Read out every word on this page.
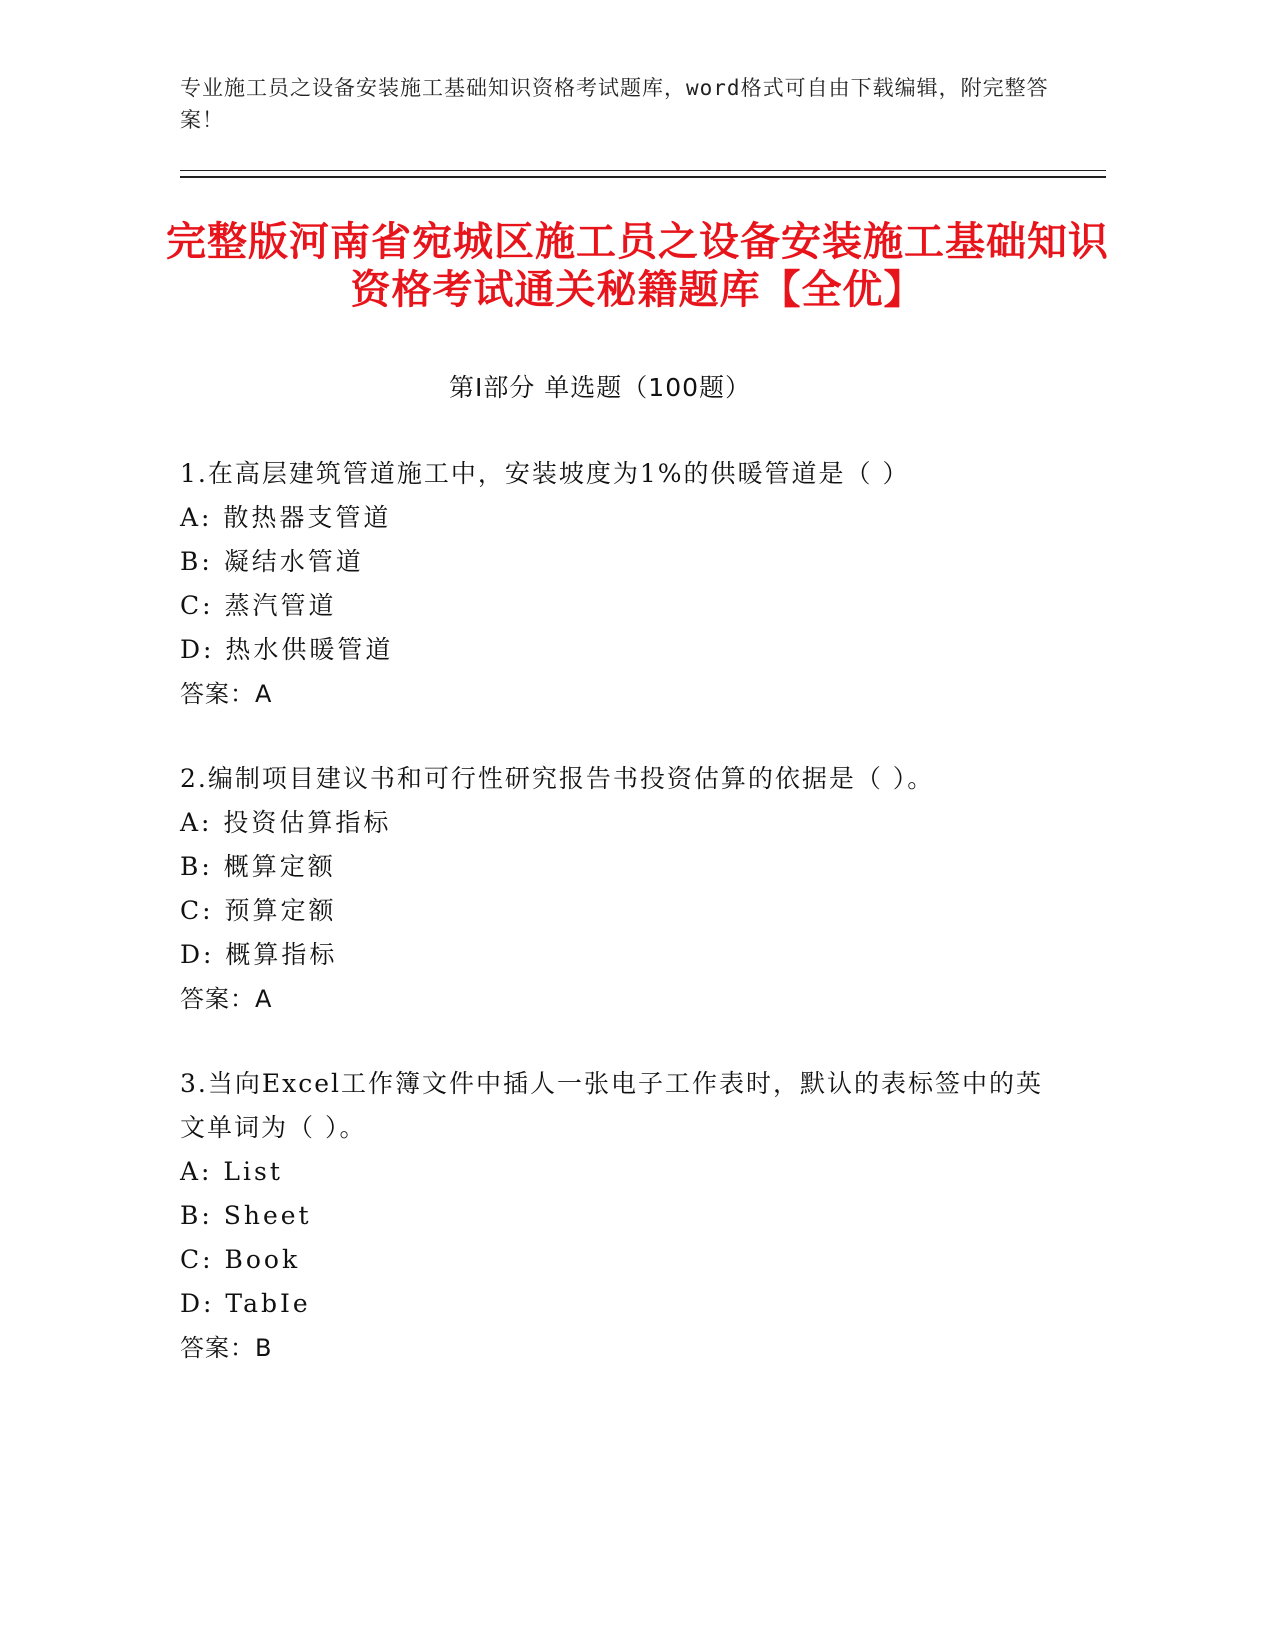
专业施工员之设备安装施工基础知识资格考试题库，word格式可自由下载编辑，附完整答案！
完整版河南省宛城区施工员之设备安装施工基础知识资格考试通关秘籍题库【全优】
第I部分 单选题（100题）

1.在高层建筑管道施工中，安装坡度为1%的供暖管道是（ ）

A: 散热器支管道

B: 凝结水管道

C: 蒸汽管道

D: 热水供暖管道

答案：A

2.编制项目建议书和可行性研究报告书投资估算的依据是（ ）。

A: 投资估算指标

B: 概算定额

C: 预算定额

D: 概算指标

答案：A

3.当向Excel工作簿文件中插人一张电子工作表时，默认的表标签中的英文单词为（ ）。

A: List

B: Sheet

C: Book

D: TabIe

答案：B
